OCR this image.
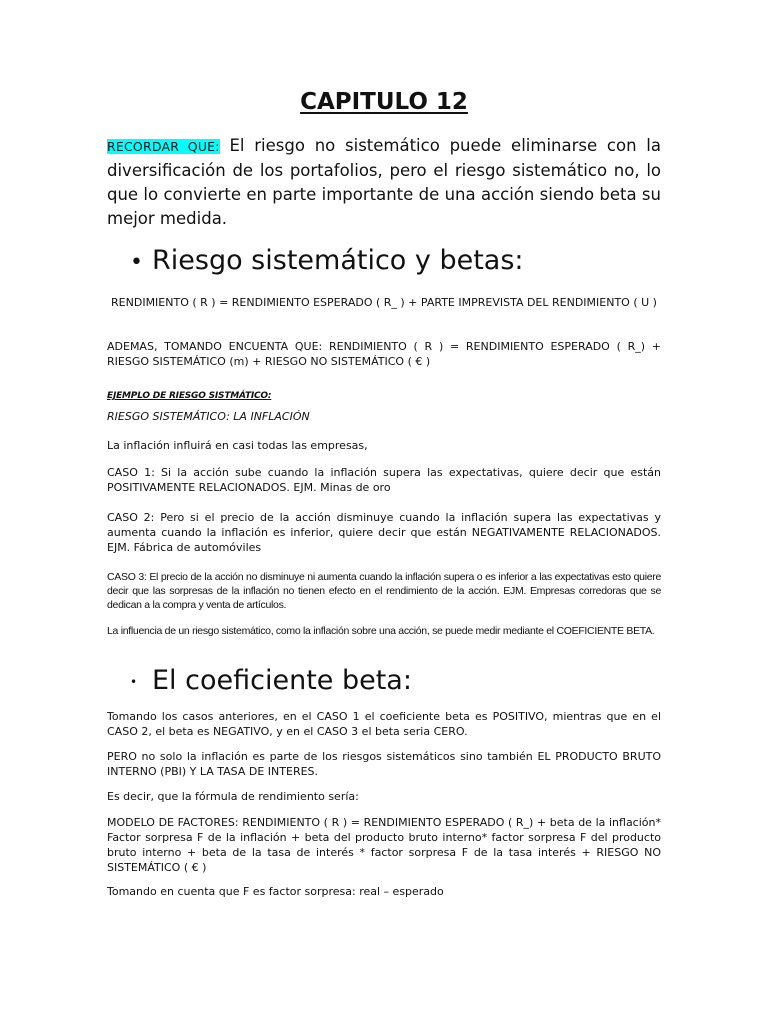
CAPITULO 12
RECORDAR QUE: El riesgo no sistemático puede eliminarse con la diversificación de los portafolios, pero el riesgo sistemático no, lo que lo convierte en parte importante de una acción siendo beta su mejor medida.
• Riesgo sistemático y betas:
RENDIMIENTO ( R ) = RENDIMIENTO ESPERADO ( R_ ) + PARTE IMPREVISTA DEL RENDIMIENTO ( U )
ADEMAS, TOMANDO ENCUENTA QUE: RENDIMIENTO ( R ) = RENDIMIENTO ESPERADO ( R_) + RIESGO SISTEMÁTICO (m) + RIESGO NO SISTEMÁTICO ( € )
EJEMPLO DE RIESGO SISTMÁTICO:
RIESGO SISTEMÁTICO: LA INFLACIÓN
La inflación influirá en casi todas las empresas,
CASO 1: Si la acción sube cuando la inflación supera las expectativas, quiere decir que están POSITIVAMENTE RELACIONADOS. EJM. Minas de oro
CASO 2: Pero si el precio de la acción disminuye cuando la inflación supera las expectativas y aumenta cuando la inflación es inferior, quiere decir que están NEGATIVAMENTE RELACIONADOS. EJM. Fábrica de automóviles
CASO 3: El precio de la acción no disminuye ni aumenta cuando la inflación supera o es inferior a las expectativas esto quiere decir que las sorpresas de la inflación no tienen efecto en el rendimiento de la acción. EJM. Empresas corredoras que se dedican a la compra y venta de artículos.
La influencia de un riesgo sistemático, como la inflación sobre una acción, se puede medir mediante el COEFICIENTE BETA.
• El coeficiente beta:
Tomando los casos anteriores, en el CASO 1 el coeficiente beta es POSITIVO, mientras que en el CASO 2, el beta es NEGATIVO, y en el CASO 3 el beta seria CERO.
PERO no solo la inflación es parte de los riesgos sistemáticos sino también EL PRODUCTO BRUTO INTERNO (PBI) Y LA TASA DE INTERES.
Es decir, que la fórmula de rendimiento sería:
MODELO DE FACTORES: RENDIMIENTO ( R ) = RENDIMIENTO ESPERADO ( R_) + beta de la inflación* Factor sorpresa F de la inflación + beta del producto bruto interno* factor sorpresa F del producto bruto interno + beta de la tasa de interés * factor sorpresa F de la tasa interés + RIESGO NO SISTEMÁTICO ( € )
Tomando en cuenta que F es factor sorpresa: real – esperado
